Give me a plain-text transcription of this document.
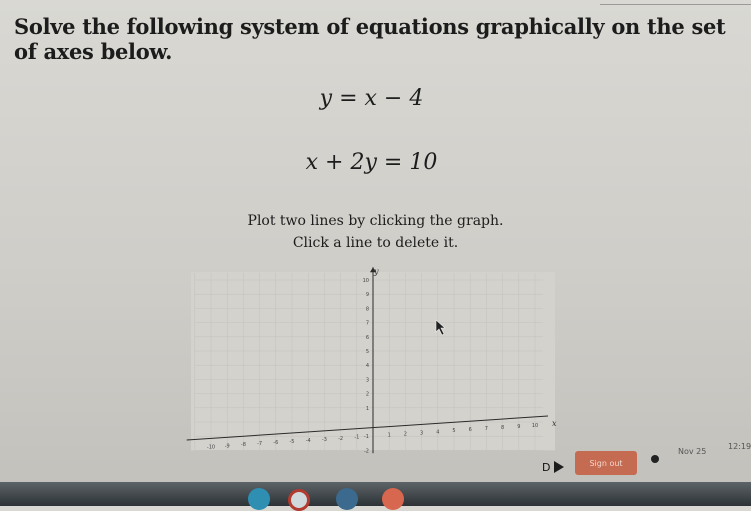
Solve the following system of equations graphically on the set of axes below.
y = x − 4
x + 2y = 10
Plot two lines by clicking the graph.
Click a line to delete it.
-10 -9 -8 -7 -6 -5 -4 -3 -2 -1	1	2	3	4	5	6	7	8	9 10
10
9
8
7
6
5
4
3
2
1
-1
-2
x
y
D	Sign out
Nov 25
12:19
